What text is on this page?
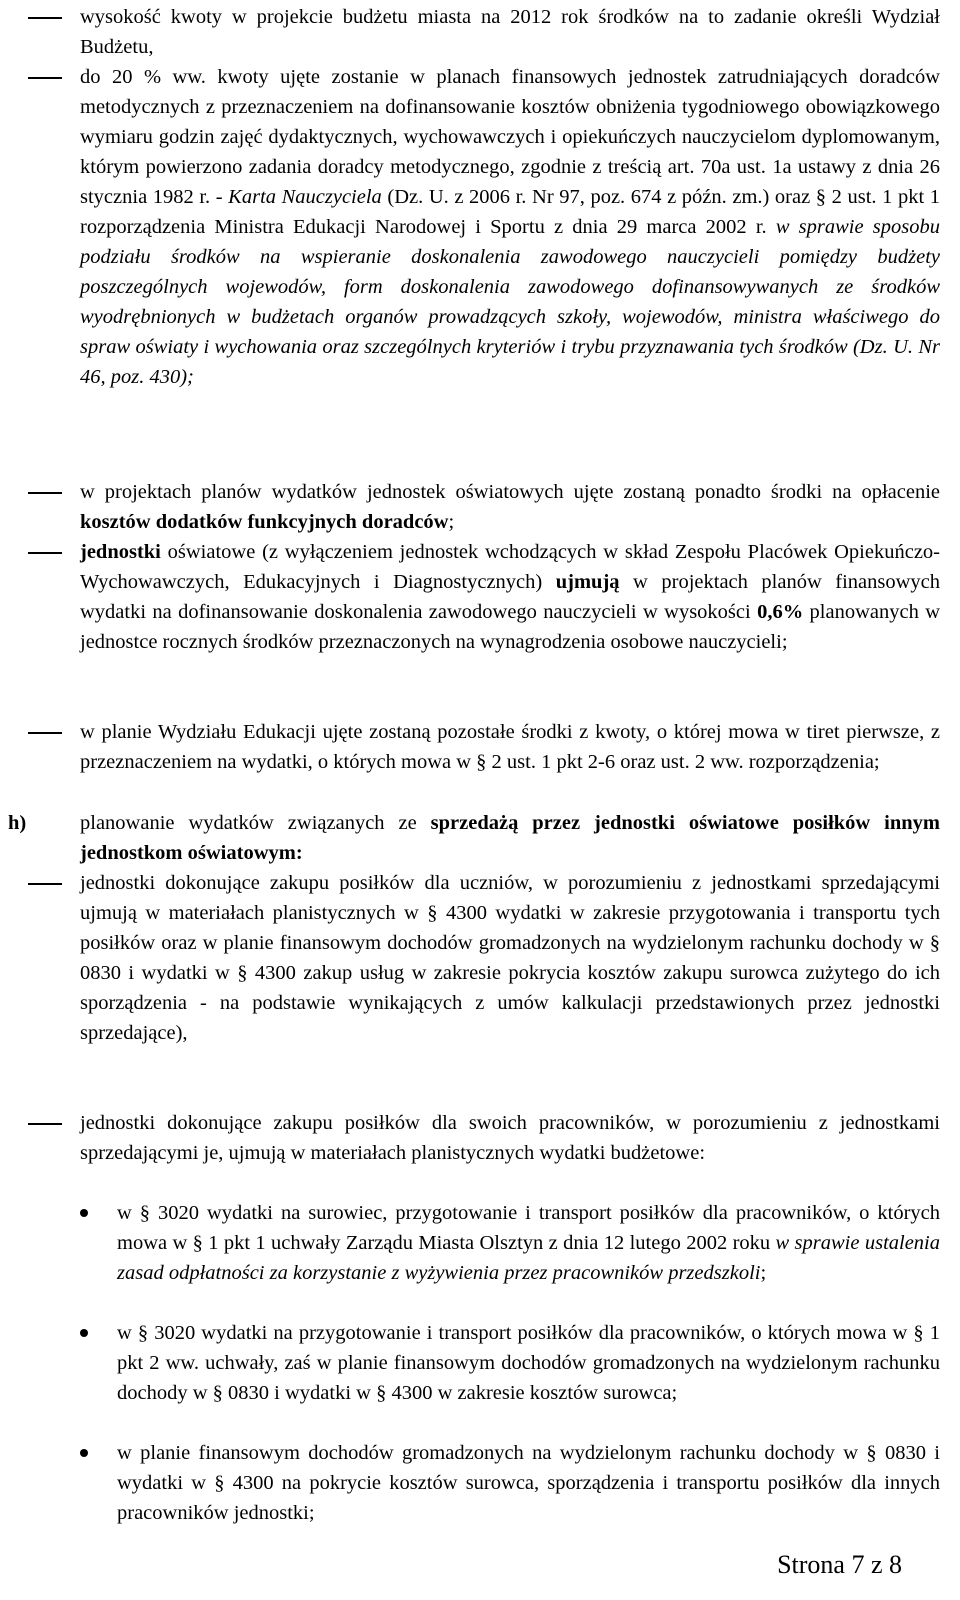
wysokość kwoty w projekcie budżetu miasta na 2012 rok środków na to zadanie określi Wydział Budżetu,

do 20 % ww. kwoty ujęte zostanie w planach finansowych jednostek zatrudniających doradców metodycznych z przeznaczeniem na dofinansowanie kosztów obniżenia tygodniowego obowiązkowego wymiaru godzin zajęć dydaktycznych, wychowawczych i opiekuńczych nauczycielom dyplomowanym, którym powierzono zadania doradcy metodycznego, zgodnie z treścią art. 70a ust. 1a ustawy z dnia 26 stycznia 1982 r. - Karta Nauczyciela (Dz. U. z 2006 r. Nr 97, poz. 674 z późn. zm.) oraz § 2 ust. 1 pkt 1 rozporządzenia Ministra Edukacji Narodowej i Sportu z dnia 29 marca 2002 r. w sprawie sposobu podziału środków na wspieranie doskonalenia zawodowego nauczycieli pomiędzy budżety poszczególnych wojewodów, form doskonalenia zawodowego dofinansowywanych ze środków wyodrębnionych w budżetach organów prowadzących szkoły, wojewodów, ministra właściwego do spraw oświaty i wychowania oraz szczególnych kryteriów i trybu przyznawania tych środków (Dz. U. Nr 46, poz. 430);

w projektach planów wydatków jednostek oświatowych ujęte zostaną ponadto środki na opłacenie kosztów dodatków funkcyjnych doradców;

jednostki oświatowe (z wyłączeniem jednostek wchodzących w skład Zespołu Placówek Opiekuńczo-Wychowawczych, Edukacyjnych i Diagnostycznych) ujmują w projektach planów finansowych wydatki na dofinansowanie doskonalenia zawodowego nauczycieli w wysokości 0,6% planowanych w jednostce rocznych środków przeznaczonych na wynagrodzenia osobowe nauczycieli;

w planie Wydziału Edukacji ujęte zostaną pozostałe środki z kwoty, o której mowa w tiret pierwsze, z przeznaczeniem na wydatki, o których mowa w § 2 ust. 1 pkt 2-6 oraz ust. 2 ww. rozporządzenia;

h)	planowanie wydatków związanych ze sprzedażą przez jednostki oświatowe posiłków innym jednostkom oświatowym:

jednostki dokonujące zakupu posiłków dla uczniów, w porozumieniu z jednostkami sprzedającymi ujmują w materiałach planistycznych w § 4300 wydatki w zakresie przygotowania i transportu tych posiłków oraz w planie finansowym dochodów gromadzonych na wydzielonym rachunku dochody w § 0830 i wydatki w § 4300 zakup usług w zakresie pokrycia kosztów zakupu surowca zużytego do ich sporządzenia - na podstawie wynikających z umów kalkulacji przedstawionych przez jednostki sprzedające),

jednostki dokonujące zakupu posiłków dla swoich pracowników, w porozumieniu z jednostkami sprzedającymi je, ujmują w materiałach planistycznych wydatki budżetowe:

w § 3020 wydatki na surowiec, przygotowanie i transport posiłków dla pracowników, o których mowa w § 1 pkt 1 uchwały Zarządu Miasta Olsztyn z dnia 12 lutego 2002 roku w sprawie ustalenia zasad odpłatności za korzystanie z wyżywienia przez pracowników przedszkoli;

w § 3020 wydatki na przygotowanie i transport posiłków dla pracowników, o których mowa w § 1 pkt 2 ww. uchwały, zaś w planie finansowym dochodów gromadzonych na wydzielonym rachunku dochody w § 0830 i wydatki w § 4300 w zakresie kosztów surowca;

w planie finansowym dochodów gromadzonych na wydzielonym rachunku dochody w § 0830 i wydatki w § 4300 na pokrycie kosztów surowca, sporządzenia i transportu posiłków dla innych pracowników jednostki;

Strona 7 z 8
